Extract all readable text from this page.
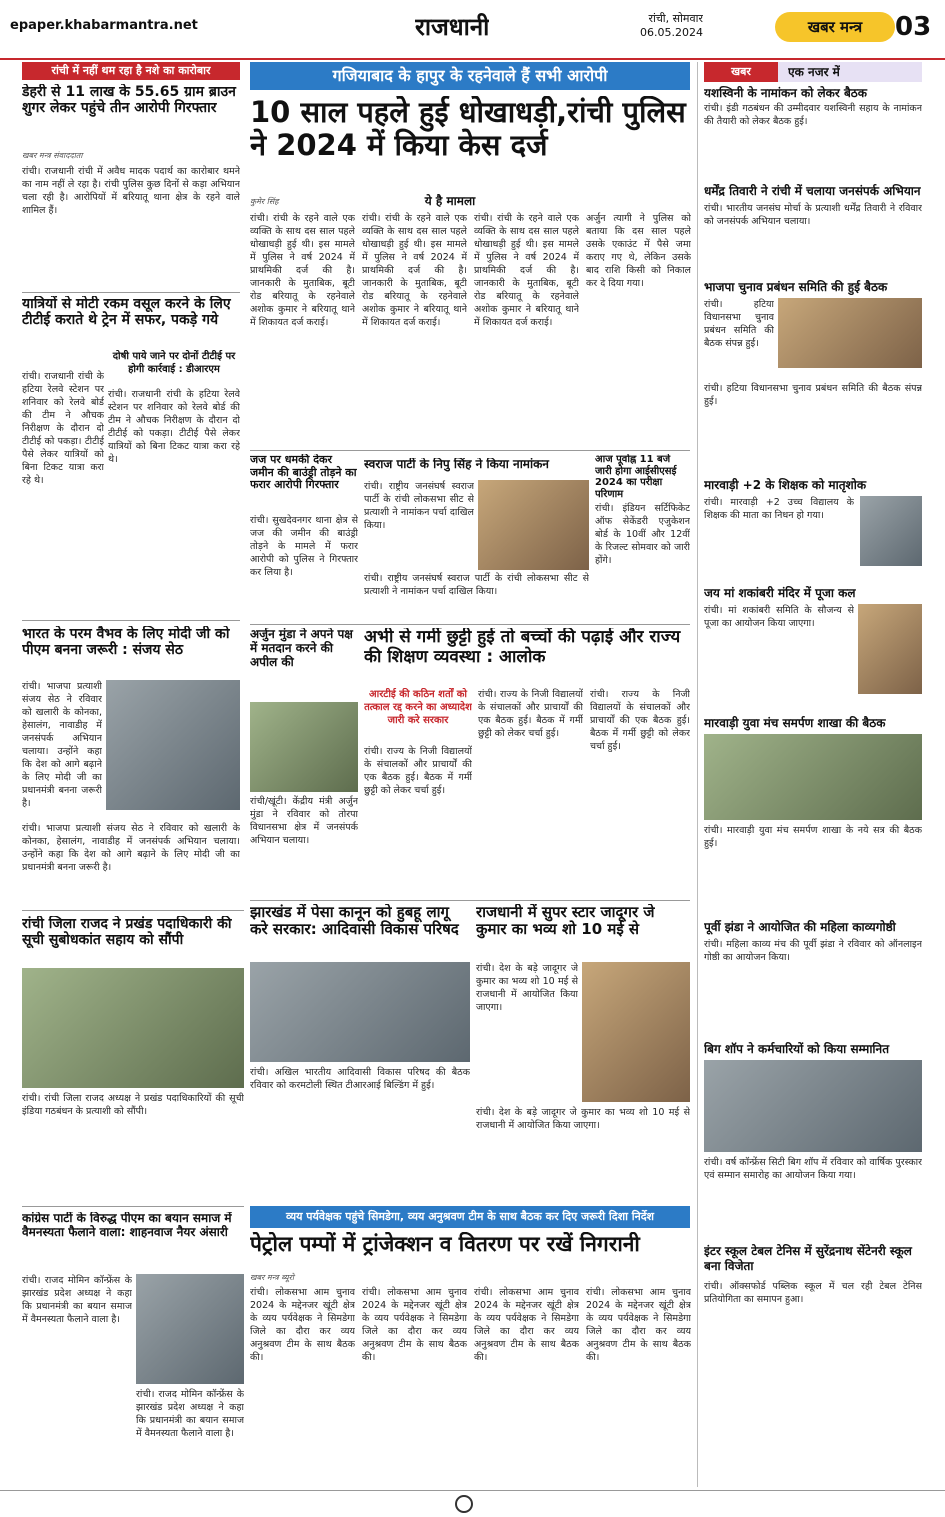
epaper.khabarmantra.net	राजधानी	रांची, सोमवार
06.05.2024	खबर मन्त्र	03
रांची में नहीं थम रहा है नशे का कारोबार
डेहरी से 11 लाख के 55.65 ग्राम ब्राउन शुगर लेकर पहुंचे तीन आरोपी गिरफ्तार
खबर मन्त्र संवाददाता
रांची। राजधानी रांची में अवैध मादक पदार्थ का कारोबार थमने का नाम नहीं ले रहा है। रांची पुलिस कुछ दिनों से कड़ा अभियान चला रही है। आरोपियों में बरियातू थाना क्षेत्र के रहने वाले शामिल हैं।
यात्रियों से मोटी रकम वसूल करने के लिए टीटीई कराते थे ट्रेन में सफर, पकड़े गये
दोषी पाये जाने पर दोनों टीटीई पर होगी कार्रवाई : डीआरएम
रांची। राजधानी रांची के हटिया रेलवे स्टेशन पर शनिवार को रेलवे बोर्ड की टीम ने औचक निरीक्षण के दौरान दो टीटीई को पकड़ा। टीटीई पैसे लेकर यात्रियों को बिना टिकट यात्रा करा रहे थे।
रांची। राजधानी रांची के हटिया रेलवे स्टेशन पर शनिवार को रेलवे बोर्ड की टीम ने औचक निरीक्षण के दौरान दो टीटीई को पकड़ा। टीटीई पैसे लेकर यात्रियों को बिना टिकट यात्रा करा रहे थे।
भारत के परम वैभव के लिए मोदी जी को पीएम बनना जरूरी : संजय सेठ
रांची। भाजपा प्रत्याशी संजय सेठ ने रविवार को खलारी के कोनका, हेसालंग, नावाडीह में जनसंपर्क अभियान चलाया। उन्होंने कहा कि देश को आगे बढ़ाने के लिए मोदी जी का प्रधानमंत्री बनना जरूरी है।
रांची। भाजपा प्रत्याशी संजय सेठ ने रविवार को खलारी के कोनका, हेसालंग, नावाडीह में जनसंपर्क अभियान चलाया। उन्होंने कहा कि देश को आगे बढ़ाने के लिए मोदी जी का प्रधानमंत्री बनना जरूरी है।
गजियाबाद के हापुर के रहनेवाले हैं सभी आरोपी
10 साल पहले हुई धोखाधड़ी,रांची पुलिस ने 2024 में किया केस दर्ज
कुमेर सिंह	ये है मामला
रांची। रांची के रहने वाले एक व्यक्ति के साथ दस साल पहले धोखाधड़ी हुई थी। इस मामले में पुलिस ने वर्ष 2024 में प्राथमिकी दर्ज की है। जानकारी के मुताबिक, बूटी रोड बरियातू के रहनेवाले अशोक कुमार ने बरियातू थाने में शिकायत दर्ज कराई।
रांची। रांची के रहने वाले एक व्यक्ति के साथ दस साल पहले धोखाधड़ी हुई थी। इस मामले में पुलिस ने वर्ष 2024 में प्राथमिकी दर्ज की है। जानकारी के मुताबिक, बूटी रोड बरियातू के रहनेवाले अशोक कुमार ने बरियातू थाने में शिकायत दर्ज कराई।
रांची। रांची के रहने वाले एक व्यक्ति के साथ दस साल पहले धोखाधड़ी हुई थी। इस मामले में पुलिस ने वर्ष 2024 में प्राथमिकी दर्ज की है। जानकारी के मुताबिक, बूटी रोड बरियातू के रहनेवाले अशोक कुमार ने बरियातू थाने में शिकायत दर्ज कराई।
अर्जुन त्यागी ने पुलिस को बताया कि दस साल पहले उसके एकाउंट में पैसे जमा कराए गए थे, लेकिन उसके बाद राशि किसी को निकाल कर दे दिया गया।
जज पर धमकी देकर जमीन की बाउंड्री तोड़ने का फरार आरोपी गिरफ्तार
रांची। सुखदेवनगर थाना क्षेत्र से जज की जमीन की बाउंड्री तोड़ने के मामले में फरार आरोपी को पुलिस ने गिरफ्तार कर लिया है।
स्वराज पार्टी के निपु सिंह ने किया नामांकन
रांची। राष्ट्रीय जनसंघर्ष स्वराज पार्टी के रांची लोकसभा सीट से प्रत्याशी ने नामांकन पर्चा दाखिल किया।
रांची। राष्ट्रीय जनसंघर्ष स्वराज पार्टी के रांची लोकसभा सीट से प्रत्याशी ने नामांकन पर्चा दाखिल किया।
आज पूर्वाह्न 11 बजे जारी होगा आईसीएसई 2024 का परीक्षा परिणाम
रांची। इंडियन सर्टिफिकेट ऑफ सेकेंडरी एजुकेशन बोर्ड के 10वीं और 12वीं के रिजल्ट सोमवार को जारी होंगे।
अर्जुन मुंडा ने अपने पक्ष में मतदान करने की अपील की
रांची/खूंटी। केंद्रीय मंत्री अर्जुन मुंडा ने रविवार को तोरपा विधानसभा क्षेत्र में जनसंपर्क अभियान चलाया।
अभी से गर्मी छुट्टी हुई तो बच्चों की पढ़ाई और राज्य की शिक्षण व्यवस्था : आलोक
आरटीई की कठिन शर्तों को तत्काल रद्द करने का अध्यादेश जारी करे सरकार
रांची। राज्य के निजी विद्यालयों के संचालकों और प्राचार्यों की एक बैठक हुई। बैठक में गर्मी छुट्टी को लेकर चर्चा हुई।
रांची। राज्य के निजी विद्यालयों के संचालकों और प्राचार्यों की एक बैठक हुई। बैठक में गर्मी छुट्टी को लेकर चर्चा हुई।
रांची। राज्य के निजी विद्यालयों के संचालकों और प्राचार्यों की एक बैठक हुई। बैठक में गर्मी छुट्टी को लेकर चर्चा हुई।
झारखंड में पेसा कानून को हुबहू लागू करे सरकार: आदिवासी विकास परिषद
रांची। अखिल भारतीय आदिवासी विकास परिषद की बैठक रविवार को करमटोली स्थित टीआरआई बिल्डिंग में हुई।
राजधानी में सुपर स्टार जादूगर जे कुमार का भव्य शो 10 मई से
रांची। देश के बड़े जादूगर जे कुमार का भव्य शो 10 मई से राजधानी में आयोजित किया जाएगा।
रांची। देश के बड़े जादूगर जे कुमार का भव्य शो 10 मई से राजधानी में आयोजित किया जाएगा।
रांची जिला राजद ने प्रखंड पदाधिकारी की सूची सुबोधकांत सहाय को सौंपी
रांची। रांची जिला राजद अध्यक्ष ने प्रखंड पदाधिकारियों की सूची इंडिया गठबंधन के प्रत्याशी को सौंपी।
व्यय पर्यवेक्षक पहुंचे सिमडेगा, व्यय अनुश्रवण टीम के साथ बैठक कर दिए जरूरी दिशा निर्देश
पेट्रोल पम्पों में ट्रांजेक्शन व वितरण पर रखें निगरानी
खबर मन्त्र ब्यूरो
रांची। लोकसभा आम चुनाव 2024 के मद्देनजर खूंटी क्षेत्र के व्यय पर्यवेक्षक ने सिमडेगा जिले का दौरा कर व्यय अनुश्रवण टीम के साथ बैठक की।
रांची। लोकसभा आम चुनाव 2024 के मद्देनजर खूंटी क्षेत्र के व्यय पर्यवेक्षक ने सिमडेगा जिले का दौरा कर व्यय अनुश्रवण टीम के साथ बैठक की।
रांची। लोकसभा आम चुनाव 2024 के मद्देनजर खूंटी क्षेत्र के व्यय पर्यवेक्षक ने सिमडेगा जिले का दौरा कर व्यय अनुश्रवण टीम के साथ बैठक की।
रांची। लोकसभा आम चुनाव 2024 के मद्देनजर खूंटी क्षेत्र के व्यय पर्यवेक्षक ने सिमडेगा जिले का दौरा कर व्यय अनुश्रवण टीम के साथ बैठक की।
कांग्रेस पार्टी के विरुद्ध पीएम का बयान समाज में वैमनस्यता फैलाने वाला: शाहनवाज नैयर अंसारी
रांची। राजद मोमिन कॉन्फ्रेंस के झारखंड प्रदेश अध्यक्ष ने कहा कि प्रधानमंत्री का बयान समाज में वैमनस्यता फैलाने वाला है।
रांची। राजद मोमिन कॉन्फ्रेंस के झारखंड प्रदेश अध्यक्ष ने कहा कि प्रधानमंत्री का बयान समाज में वैमनस्यता फैलाने वाला है।
खबर	एक नजर में
यशस्विनी के नामांकन को लेकर बैठक
रांची। इंडी गठबंधन की उम्मीदवार यशस्विनी सहाय के नामांकन की तैयारी को लेकर बैठक हुई।
धर्मेंद्र तिवारी ने रांची में चलाया जनसंपर्क अभियान
रांची। भारतीय जनसंघ मोर्चा के प्रत्याशी धर्मेंद्र तिवारी ने रविवार को जनसंपर्क अभियान चलाया।
भाजपा चुनाव प्रबंधन समिति की हुई बैठक
रांची। हटिया विधानसभा चुनाव प्रबंधन समिति की बैठक संपन्न हुई।
रांची। हटिया विधानसभा चुनाव प्रबंधन समिति की बैठक संपन्न हुई।
मारवाड़ी +2 के शिक्षक को मातृशोक
रांची। मारवाड़ी +2 उच्च विद्यालय के शिक्षक की माता का निधन हो गया।
जय मां शकांबरी मंदिर में पूजा कल
रांची। मां शकांबरी समिति के सौजन्य से पूजा का आयोजन किया जाएगा।
मारवाड़ी युवा मंच समर्पण शाखा की बैठक
रांची। मारवाड़ी युवा मंच समर्पण शाखा के नये सत्र की बैठक हुई।
पूर्वी झंडा ने आयोजित की महिला काव्यगोष्ठी
रांची। महिला काव्य मंच की पूर्वी झंडा ने रविवार को ऑनलाइन गोष्ठी का आयोजन किया।
बिग शॉप ने कर्मचारियों को किया सम्मानित
रांची। वर्ष कॉन्फ्रेंस सिटी बिग शॉप में रविवार को वार्षिक पुरस्कार एवं सम्मान समारोह का आयोजन किया गया।
इंटर स्कूल टेबल टेनिस में सुरेंद्रनाथ सेंटेनरी स्कूल बना विजेता
रांची। ऑक्सफोर्ड पब्लिक स्कूल में चल रही टेबल टेनिस प्रतियोगिता का समापन हुआ।
